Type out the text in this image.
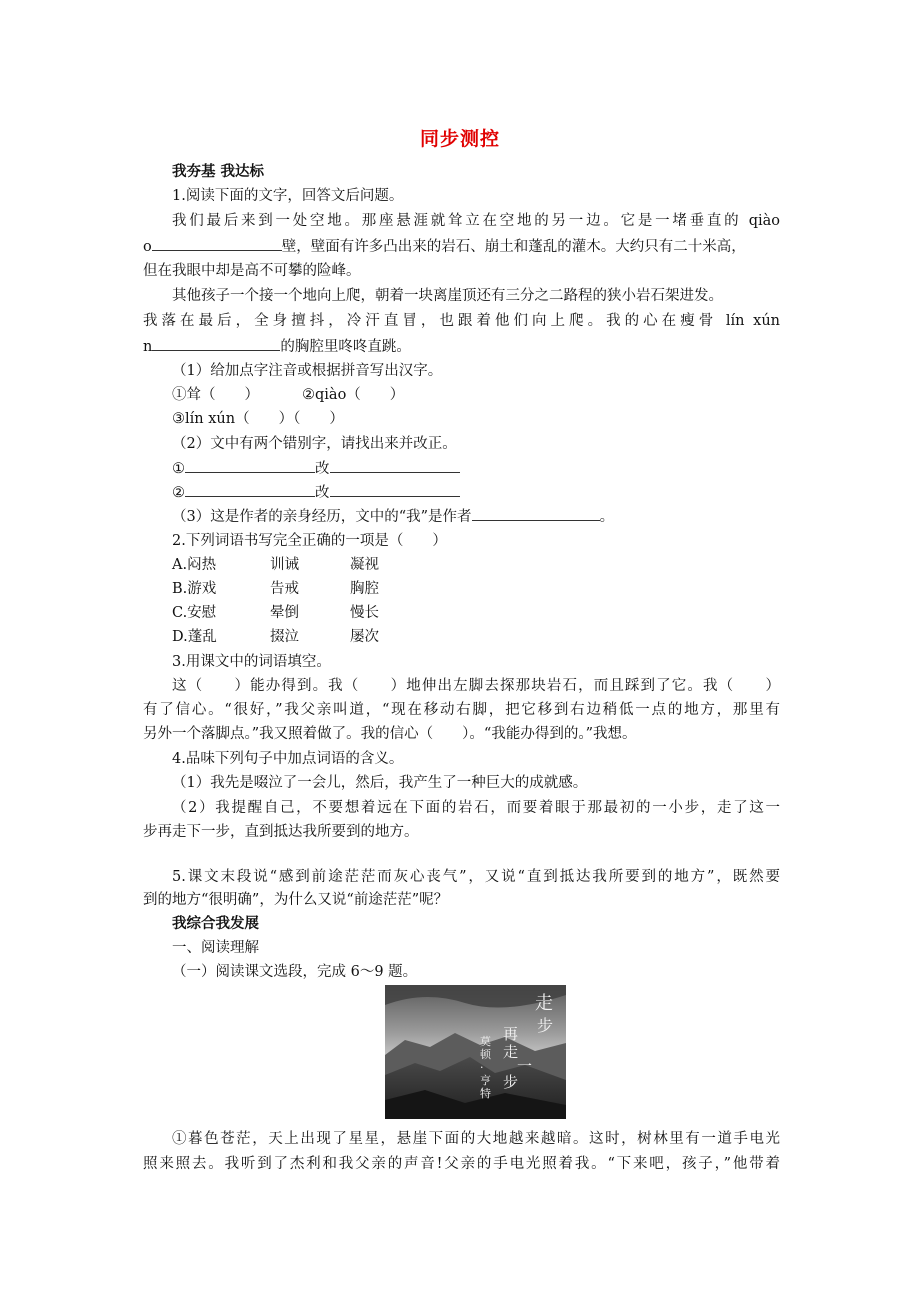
同步测控
我夯基 我达标
1.阅读下面的文字，回答文后问题。
我们最后来到一处空地。那座悬涯就耸立在空地的另一边。它是一堵垂直的 qiào
o	壁，壁面有许多凸出来的岩石、崩土和蓬乱的灌木。大约只有二十米高，
但在我眼中却是高不可攀的险峰。
其他孩子一个接一个地向上爬，朝着一块离崖顶还有三分之二路程的狭小岩石架进发。
我落在最后，全身擅抖，冷汗直冒，也跟着他们向上爬。我的心在瘦骨 lín xún
n	的胸腔里咚咚直跳。
（1）给加点字注音或根据拼音写出汉字。
①耸（　　）	②qiào（　　）
③lín xún（　　）（　　）
（2）文中有两个错别字，请找出来并改正。
①	改
②	改
（3）这是作者的亲身经历，文中的“我”是作者	。
2.下列词语书写完全正确的一项是（　　）
A.闷热	训诫	凝视
B.游戏	告戒	胸腔
C.安慰	晕倒	慢长
D.蓬乱	掇泣	屡次
3.用课文中的词语填空。
这（　　）能办得到。我（　　）地伸出左脚去探那块岩石，而且踩到了它。我（　　）
有了信心。“很好，”我父亲叫道，“现在移动右脚，把它移到右边稍低一点的地方，那里有
另外一个落脚点。”我又照着做了。我的信心（　　）。“我能办得到的。”我想。
4.品味下列句子中加点词语的含义。
（1）我先是啜泣了一会儿，然后，我产生了一种巨大的成就感。
（2）我提醒自己，不要想着远在下面的岩石，而要着眼于那最初的一小步，走了这一
步再走下一步，直到抵达我所要到的地方。
5.课文末段说“感到前途茫茫而灰心丧气”，又说“直到抵达我所要到的地方”，既然要
到的地方“很明确”，为什么又说“前途茫茫”呢？
我综合我发展
一、阅读理解
（一）阅读课文选段，完成 6～9 题。
走
步
再
走
一
步
莫顿·亨特
①暮色苍茫，天上出现了星星，悬崖下面的大地越来越暗。这时，树林里有一道手电光
照来照去。我听到了杰利和我父亲的声音!父亲的手电光照着我。“下来吧，孩子，”他带着
